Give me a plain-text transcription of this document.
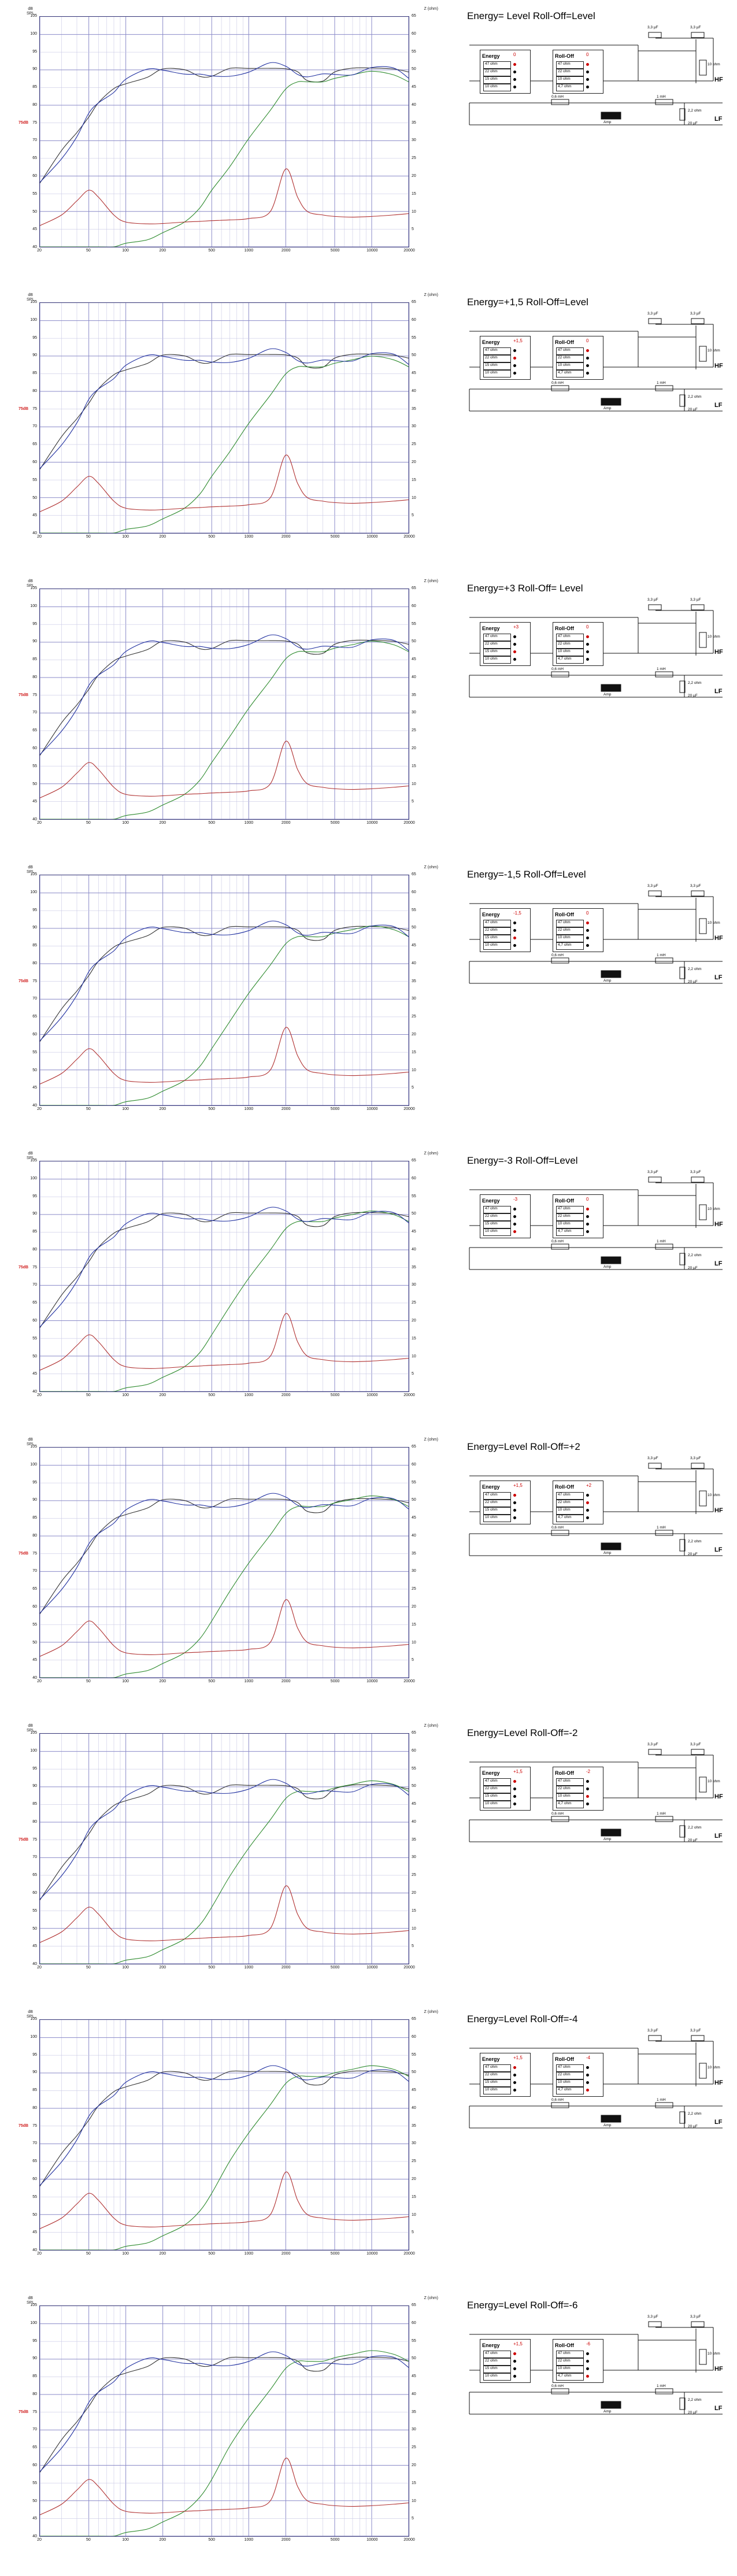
dB
SPL
Z (ohm)
105
100
95
90
85
80
75
70
65
60
55
50
45
40
65
60
55
50
45
40
35
30
25
20
15
10
5
20	50	100	200	500	1000	2000	5000	10000	20000
75dB
Energy= Level Roll-Off=Level
3,3 µF	3,3 µF
10 ohm
HF
LF
Amp
0,6 mH	1 mH
2,2 ohm
20 µF
Energy	0
47 ohm
22 ohm
15 ohm
10 ohm
Roll-Off	0
47 ohm
22 ohm
10 ohm
4,7 ohm
dB
SPL
Z (ohm)
105
100
95
90
85
80
75
70
65
60
55
50
45
40
65
60
55
50
45
40
35
30
25
20
15
10
5
20	50	100	200	500	1000	2000	5000	10000	20000
75dB
Energy=+1,5 Roll-Off=Level
3,3 µF	3,3 µF
10 ohm
HF
LF
Amp
0,6 mH	1 mH
2,2 ohm
20 µF
Energy	+1,5
47 ohm
22 ohm
15 ohm
10 ohm
Roll-Off	0
47 ohm
22 ohm
10 ohm
4,7 ohm
dB
SPL
Z (ohm)
105
100
95
90
85
80
75
70
65
60
55
50
45
40
65
60
55
50
45
40
35
30
25
20
15
10
5
20	50	100	200	500	1000	2000	5000	10000	20000
75dB
Energy=+3 Roll-Off= Level
3,3 µF	3,3 µF
10 ohm
HF
LF
Amp
0,6 mH	1 mH
2,2 ohm
20 µF
Energy	+3
47 ohm
22 ohm
15 ohm
10 ohm
Roll-Off	0
47 ohm
22 ohm
10 ohm
4,7 ohm
dB
SPL
Z (ohm)
105
100
95
90
85
80
75
70
65
60
55
50
45
40
65
60
55
50
45
40
35
30
25
20
15
10
5
20	50	100	200	500	1000	2000	5000	10000	20000
75dB
Energy=-1,5 Roll-Off=Level
3,3 µF	3,3 µF
10 ohm
HF
LF
Amp
0,6 mH	1 mH
2,2 ohm
20 µF
Energy	-1,5
47 ohm
22 ohm
15 ohm
10 ohm
Roll-Off	0
47 ohm
22 ohm
10 ohm
4,7 ohm
dB
SPL
Z (ohm)
105
100
95
90
85
80
75
70
65
60
55
50
45
40
65
60
55
50
45
40
35
30
25
20
15
10
5
20	50	100	200	500	1000	2000	5000	10000	20000
75dB
Energy=-3 Roll-Off=Level
3,3 µF	3,3 µF
10 ohm
HF
LF
Amp
0,6 mH	1 mH
2,2 ohm
20 µF
Energy	-3
47 ohm
22 ohm
15 ohm
10 ohm
Roll-Off	0
47 ohm
22 ohm
10 ohm
4,7 ohm
dB
SPL
Z (ohm)
105
100
95
90
85
80
75
70
65
60
55
50
45
40
65
60
55
50
45
40
35
30
25
20
15
10
5
20	50	100	200	500	1000	2000	5000	10000	20000
75dB
Energy=Level Roll-Off=+2
3,3 µF	3,3 µF
10 ohm
HF
LF
Amp
0,6 mH	1 mH
2,2 ohm
20 µF
Energy	+1,5
47 ohm
22 ohm
15 ohm
10 ohm
Roll-Off	+2
47 ohm
22 ohm
10 ohm
4,7 ohm
dB
SPL
Z (ohm)
105
100
95
90
85
80
75
70
65
60
55
50
45
40
65
60
55
50
45
40
35
30
25
20
15
10
5
20	50	100	200	500	1000	2000	5000	10000	20000
75dB
Energy=Level Roll-Off=-2
3,3 µF	3,3 µF
10 ohm
HF
LF
Amp
0,6 mH	1 mH
2,2 ohm
20 µF
Energy	+1,5
47 ohm
22 ohm
15 ohm
10 ohm
Roll-Off	-2
47 ohm
22 ohm
10 ohm
4,7 ohm
dB
SPL
Z (ohm)
105
100
95
90
85
80
75
70
65
60
55
50
45
40
65
60
55
50
45
40
35
30
25
20
15
10
5
20	50	100	200	500	1000	2000	5000	10000	20000
75dB
Energy=Level Roll-Off=-4
3,3 µF	3,3 µF
10 ohm
HF
LF
Amp
0,6 mH	1 mH
2,2 ohm
20 µF
Energy	+1,5
47 ohm
22 ohm
15 ohm
10 ohm
Roll-Off	-4
47 ohm
22 ohm
10 ohm
4,7 ohm
dB
SPL
Z (ohm)
105
100
95
90
85
80
75
70
65
60
55
50
45
40
65
60
55
50
45
40
35
30
25
20
15
10
5
20	50	100	200	500	1000	2000	5000	10000	20000
75dB
Energy=Level Roll-Off=-6
3,3 µF	3,3 µF
10 ohm
HF
LF
Amp
0,6 mH	1 mH
2,2 ohm
20 µF
Energy	+1,5
47 ohm
22 ohm
15 ohm
10 ohm
Roll-Off	-6
47 ohm
22 ohm
10 ohm
4,7 ohm
